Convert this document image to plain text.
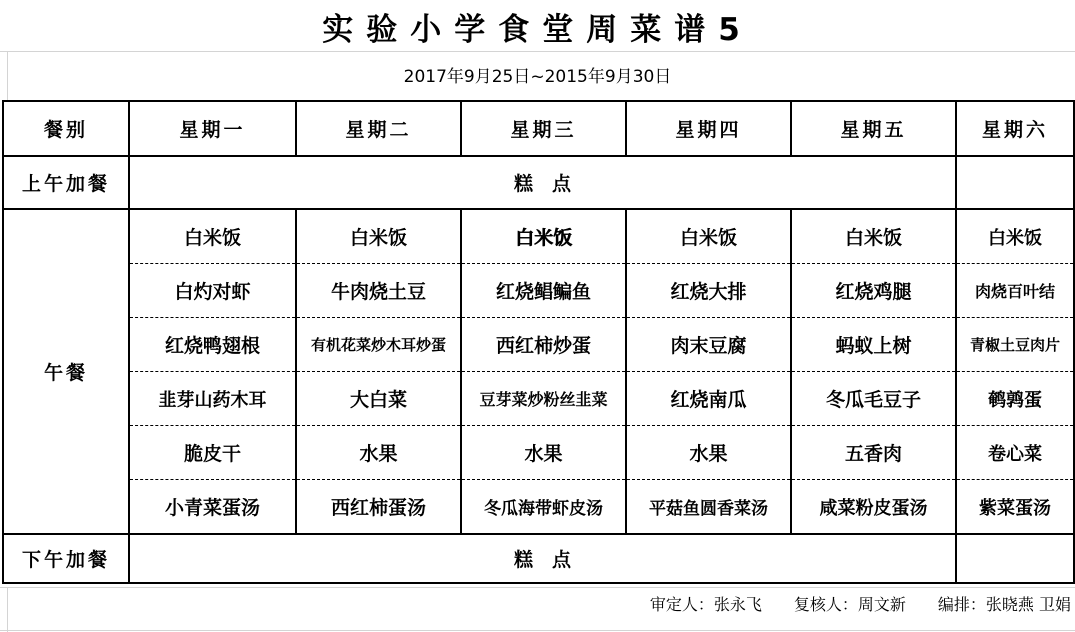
实验小学食堂周菜谱5
2017年9月25日~2015年9月30日
餐别	星期一	星期二	星期三	星期四	星期五	星期六
上午加餐	糕　点					
午餐	白米饭	白米饭	白米饭	白米饭	白米饭	白米饭
	白灼对虾	牛肉烧土豆	红烧鲳鳊鱼	红烧大排	红烧鸡腿	肉烧百叶结
	红烧鸭翅根	有机花菜炒木耳炒蛋	西红柿炒蛋	肉末豆腐	蚂蚁上树	青椒土豆肉片
	韭芽山药木耳	大白菜	豆芽菜炒粉丝韭菜	红烧南瓜	冬瓜毛豆子	鹌鹑蛋
	脆皮干	水果	水果	水果	五香肉	卷心菜
	小青菜蛋汤	西红柿蛋汤	冬瓜海带虾皮汤	平菇鱼圆香菜汤	咸菜粉皮蛋汤	紫菜蛋汤
下午加餐	糕　点					
审定人：张永飞 复核人：周文新 编排：张晓燕 卫娟
